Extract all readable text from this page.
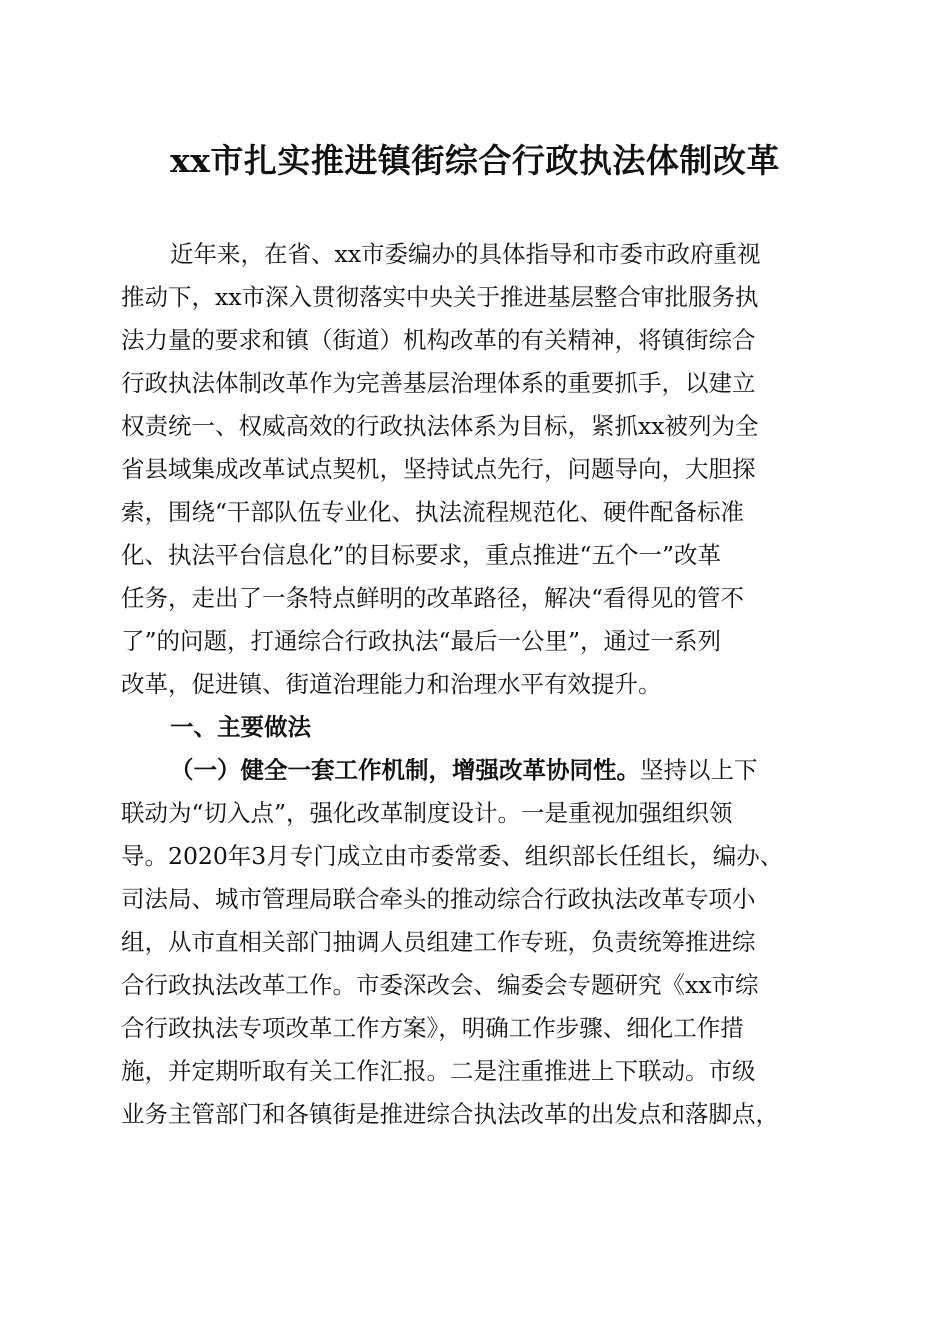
xx市扎实推进镇街综合行政执法体制改革

近年来，在省、xx市委编办的具体指导和市委市政府重视

推动下，xx市深入贯彻落实中央关于推进基层整合审批服务执

法力量的要求和镇（街道）机构改革的有关精神，将镇街综合

行政执法体制改革作为完善基层治理体系的重要抓手，以建立

权责统一、权威高效的行政执法体系为目标，紧抓xx被列为全

省县域集成改革试点契机，坚持试点先行，问题导向，大胆探

索，围绕“干部队伍专业化、执法流程规范化、硬件配备标准

化、执法平台信息化”的目标要求，重点推进“五个一”改革

任务，走出了一条特点鲜明的改革路径，解决“看得见的管不

了”的问题，打通综合行政执法“最后一公里”，通过一系列

改革，促进镇、街道治理能力和治理水平有效提升。

一、主要做法

（一）健全一套工作机制，增强改革协同性。坚持以上下

联动为“切入点”，强化改革制度设计。一是重视加强组织领

导。2020年3月专门成立由市委常委、组织部长任组长，编办、

司法局、城市管理局联合牵头的推动综合行政执法改革专项小

组，从市直相关部门抽调人员组建工作专班，负责统筹推进综

合行政执法改革工作。市委深改会、编委会专题研究《xx市综

合行政执法专项改革工作方案》，明确工作步骤、细化工作措

施，并定期听取有关工作汇报。二是注重推进上下联动。市级

业务主管部门和各镇街是推进综合执法改革的出发点和落脚点，
